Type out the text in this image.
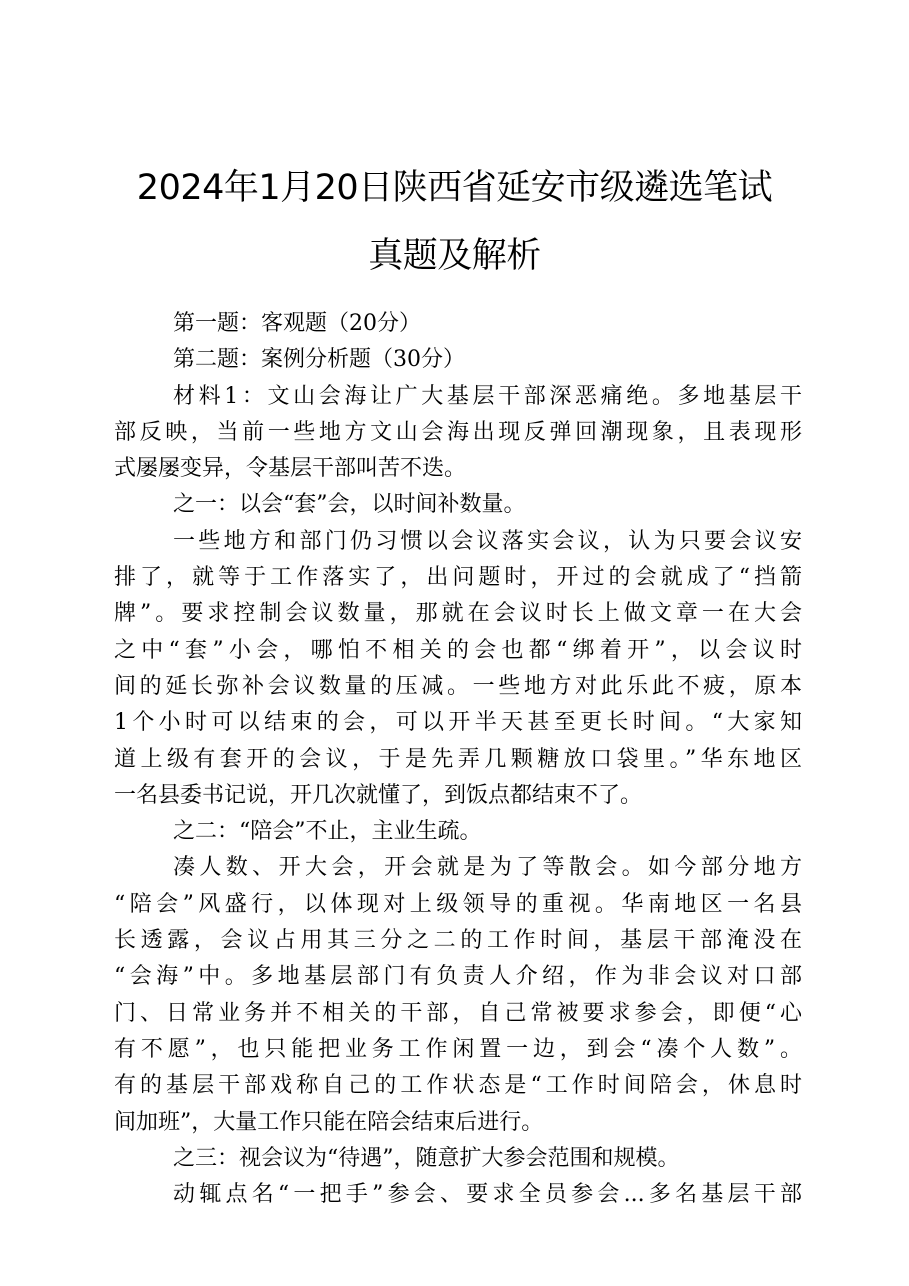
2024年1月20日陕西省延安市级遴选笔试
真题及解析
第一题：客观题（20分）
第二题：案例分析题（30分）
材料1：文山会海让广大基层干部深恶痛绝。多地基层干
部反映，当前一些地方文山会海出现反弹回潮现象，且表现形
式屡屡变异，令基层干部叫苦不迭。
之一：以会“套”会，以时间补数量。
一些地方和部门仍习惯以会议落实会议，认为只要会议安
排了，就等于工作落实了，出问题时，开过的会就成了“挡箭
牌”。要求控制会议数量，那就在会议时长上做文章一在大会
之中“套”小会，哪怕不相关的会也都“绑着开”，以会议时
间的延长弥补会议数量的压减。一些地方对此乐此不疲，原本
1个小时可以结束的会，可以开半天甚至更长时间。“大家知
道上级有套开的会议，于是先弄几颗糖放口袋里。”华东地区
一名县委书记说，开几次就懂了，到饭点都结束不了。
之二：“陪会”不止，主业生疏。
凑人数、开大会，开会就是为了等散会。如今部分地方
“陪会”风盛行，以体现对上级领导的重视。华南地区一名县
长透露，会议占用其三分之二的工作时间，基层干部淹没在
“会海”中。多地基层部门有负责人介绍，作为非会议对口部
门、日常业务并不相关的干部，自己常被要求参会，即便“心
有不愿”，也只能把业务工作闲置一边，到会“凑个人数”。
有的基层干部戏称自己的工作状态是“工作时间陪会，休息时
间加班”，大量工作只能在陪会结束后进行。
之三：视会议为“待遇”，随意扩大参会范围和规模。
动辄点名“一把手”参会、要求全员参会...多名基层干部
